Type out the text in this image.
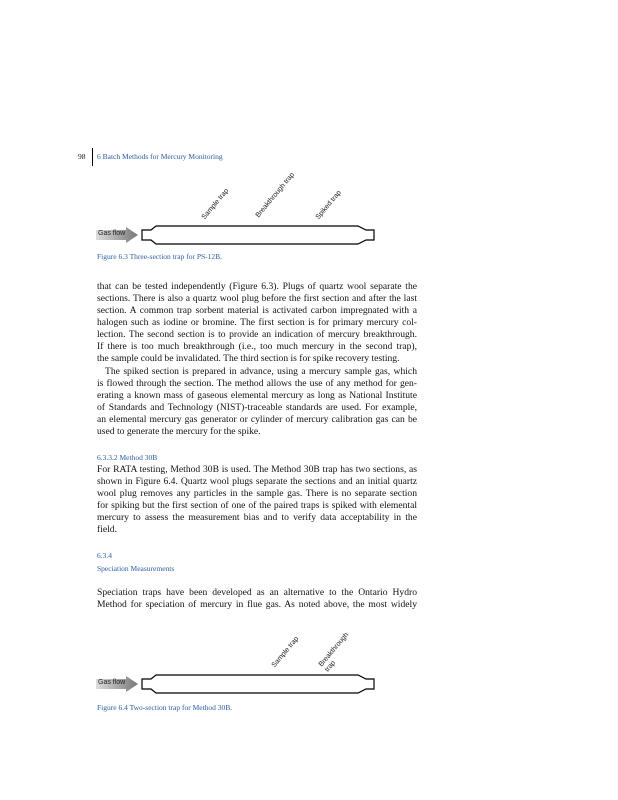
98 6 Batch Methods for Mercury Monitoring
Sample trap	Breakthrough trap	Spiked trap
Gas flow
Figure 6.3 Three-section trap for PS-12B.
that can be tested independently (Figure 6.3). Plugs of quartz wool separate the
sections. There is also a quartz wool plug before the first section and after the last
section. A common trap sorbent material is activated carbon impregnated with a
halogen such as iodine or bromine. The first section is for primary mercury col-
lection. The second section is to provide an indication of mercury breakthrough.
If there is too much breakthrough (i.e., too much mercury in the second trap),
the sample could be invalidated. The third section is for spike recovery testing.
The spiked section is prepared in advance, using a mercury sample gas, which
is flowed through the section. The method allows the use of any method for gen-
erating a known mass of gaseous elemental mercury as long as National Institute
of Standards and Technology (NIST)-traceable standards are used. For example,
an elemental mercury gas generator or cylinder of mercury calibration gas can be
used to generate the mercury for the spike.
6.3.3.2 Method 30B
For RATA testing, Method 30B is used. The Method 30B trap has two sections, as
shown in Figure 6.4. Quartz wool plugs separate the sections and an initial quartz
wool plug removes any particles in the sample gas. There is no separate section
for spiking but the first section of one of the paired traps is spiked with elemental
mercury to assess the measurement bias and to verify data acceptability in the
field.
6.3.4
Speciation Measurements
Speciation traps have been developed as an alternative to the Ontario Hydro
Method for speciation of mercury in flue gas. As noted above, the most widely
Sample trap Breakthrough trap
Gas flow
Figure 6.4 Two-section trap for Method 30B.
